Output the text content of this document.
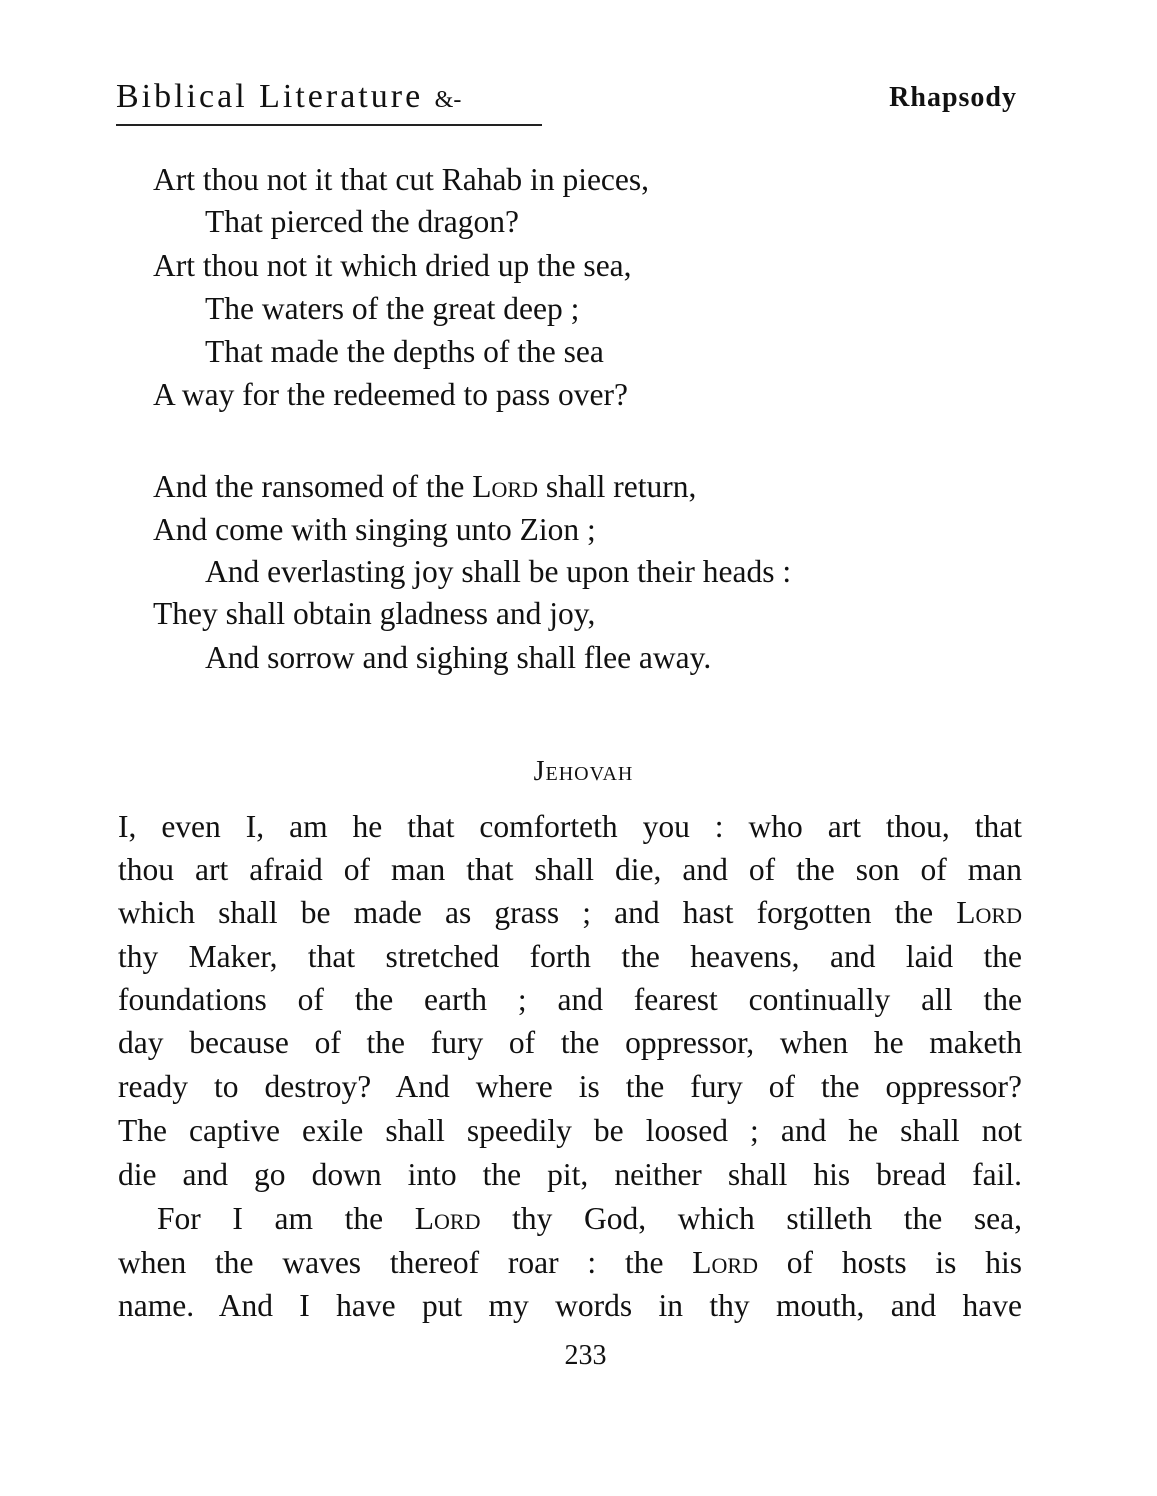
Biblical Literature &-	Rhapsody
Art thou not it that cut Rahab in pieces,
That pierced the dragon?
Art thou not it which dried up the sea,
The waters of the great deep ;
That made the depths of the sea
A way for the redeemed to pass over?
And the ransomed of the Lord shall return,
And come with singing unto Zion ;
And everlasting joy shall be upon their heads :
They shall obtain gladness and joy,
And sorrow and sighing shall flee away.
Jehovah
I, even I, am he that comforteth you : who art thou, that
thou art afraid of man that shall die, and of the son of man
which shall be made as grass ; and hast forgotten the Lord
thy Maker, that stretched forth the heavens, and laid the
foundations of the earth ; and fearest continually all the
day because of the fury of the oppressor, when he maketh
ready to destroy? And where is the fury of the oppressor?
The captive exile shall speedily be loosed ; and he shall not
die and go down into the pit, neither shall his bread fail.
For I am the Lord thy God, which stilleth the sea,
when the waves thereof roar : the Lord of hosts is his
name. And I have put my words in thy mouth, and have
233
